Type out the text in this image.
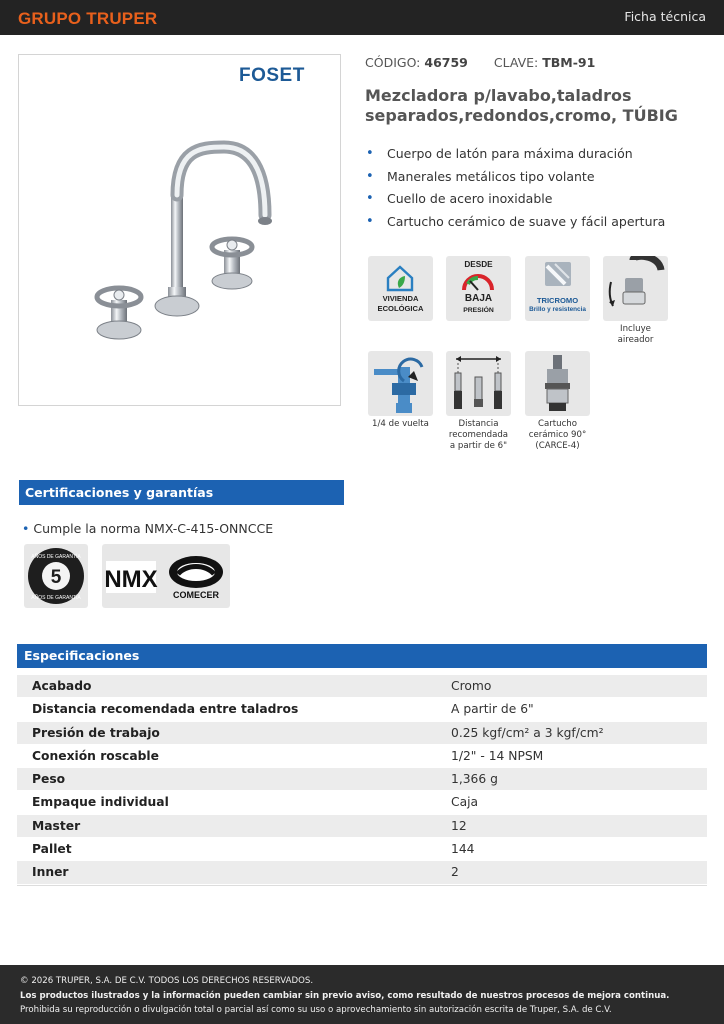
GRUPO TRUPER	Ficha técnica
FOSET
CÓDIGO: 46759 CLAVE: TBM-91
Mezcladora p/lavabo,taladros separados,redondos,cromo, TÚBIG
• Cuerpo de latón para máxima duración
• Manerales metálicos tipo volante
• Cuello de acero inoxidable
• Cartucho cerámico de suave y fácil apertura
VIVIENDA
ECOLÓGICA
DESDE
BAJA
PRESIÓN
TRICROMO
Brillo y resistencia
Incluye aireador
1/4 de vuelta	Distancia recomendada a partir de 6"
Cartucho cerámico 90° (CARCE-4)
Certificaciones y garantías
• Cumple la norma NMX-C-415-ONNCCE
5
AÑOS DE GARANTÍA
AÑOS DE GARANTÍA
NMX
COMECER
Especificaciones
Acabado	Cromo
Distancia recomendada entre taladros	A partir de 6"
Presión de trabajo	0.25 kgf/cm² a 3 kgf/cm²
Conexión roscable	1/2" - 14 NPSM
Peso	1,366 g
Empaque individual	Caja
Master	12
Pallet	144
Inner	2
© 2026 TRUPER, S.A. DE C.V. TODOS LOS DERECHOS RESERVADOS.
Los productos ilustrados y la información pueden cambiar sin previo aviso, como resultado de nuestros procesos de mejora continua.
Prohibida su reproducción o divulgación total o parcial así como su uso o aprovechamiento sin autorización escrita de Truper, S.A. de C.V.
